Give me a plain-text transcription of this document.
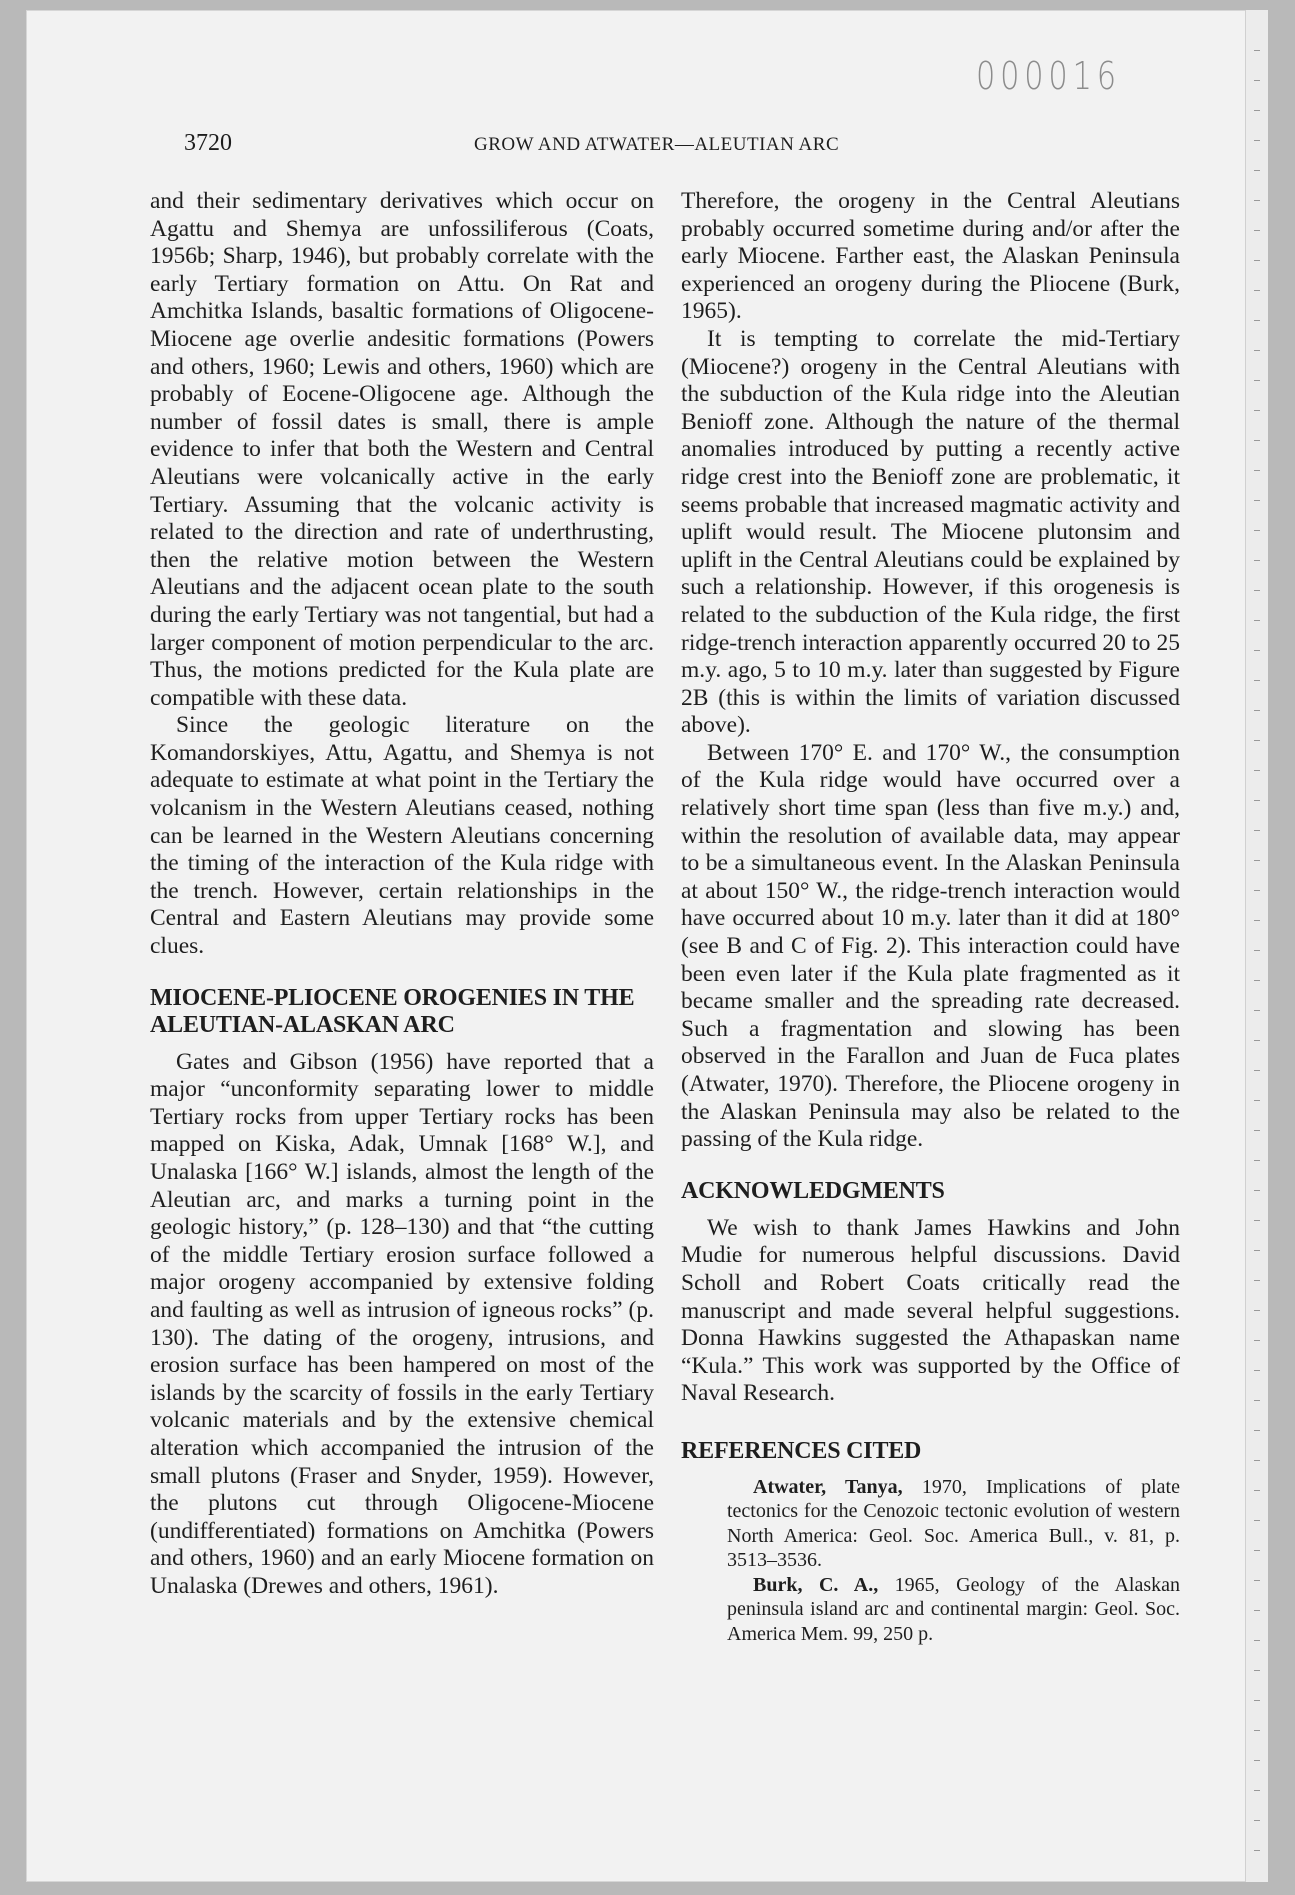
000016
3720	GROW AND ATWATER—ALEUTIAN ARC

and their sedimentary derivatives which occur on Agattu and Shemya are unfossiliferous (Coats, 1956b; Sharp, 1946), but probably correlate with the early Tertiary formation on Attu. On Rat and Amchitka Islands, basaltic formations of Oligocene-Miocene age overlie andesitic formations (Powers and others, 1960; Lewis and others, 1960) which are probably of Eocene-Oligocene age. Although the number of fossil dates is small, there is ample evidence to infer that both the Western and Central Aleutians were volcanically active in the early Tertiary. Assuming that the volcanic activity is related to the direction and rate of underthrusting, then the relative motion between the Western Aleutians and the adjacent ocean plate to the south during the early Tertiary was not tangential, but had a larger component of motion perpendicular to the arc. Thus, the motions predicted for the Kula plate are compatible with these data.

Since the geologic literature on the Komandorskiyes, Attu, Agattu, and Shemya is not adequate to estimate at what point in the Tertiary the volcanism in the Western Aleutians ceased, nothing can be learned in the Western Aleutians concerning the timing of the interaction of the Kula ridge with the trench. However, certain relationships in the Central and Eastern Aleutians may provide some clues.

MIOCENE-PLIOCENE OROGENIES IN THE ALEUTIAN-ALASKAN ARC

Gates and Gibson (1956) have reported that a major “unconformity separating lower to middle Tertiary rocks from upper Tertiary rocks has been mapped on Kiska, Adak, Umnak [168° W.], and Unalaska [166° W.] islands, almost the length of the Aleutian arc, and marks a turning point in the geologic history,” (p. 128–130) and that “the cutting of the middle Tertiary erosion surface followed a major orogeny accompanied by extensive folding and faulting as well as intrusion of igneous rocks” (p. 130). The dating of the orogeny, intrusions, and erosion surface has been hampered on most of the islands by the scarcity of fossils in the early Tertiary volcanic materials and by the extensive chemical alteration which accompanied the intrusion of the small plutons (Fraser and Snyder, 1959). However, the plutons cut through Oligocene-Miocene (undifferentiated) formations on Amchitka (Powers and others, 1960) and an early Miocene formation on Unalaska (Drewes and others, 1961).

Therefore, the orogeny in the Central Aleutians probably occurred sometime during and/or after the early Miocene. Farther east, the Alaskan Peninsula experienced an orogeny during the Pliocene (Burk, 1965).

It is tempting to correlate the mid-Tertiary (Miocene?) orogeny in the Central Aleutians with the subduction of the Kula ridge into the Aleutian Benioff zone. Although the nature of the thermal anomalies introduced by putting a recently active ridge crest into the Benioff zone are problematic, it seems probable that increased magmatic activity and uplift would result. The Miocene plutonsim and uplift in the Central Aleutians could be explained by such a relationship. However, if this orogenesis is related to the subduction of the Kula ridge, the first ridge-trench interaction apparently occurred 20 to 25 m.y. ago, 5 to 10 m.y. later than suggested by Figure 2B (this is within the limits of variation discussed above).

Between 170° E. and 170° W., the consumption of the Kula ridge would have occurred over a relatively short time span (less than five m.y.) and, within the resolution of available data, may appear to be a simultaneous event. In the Alaskan Peninsula at about 150° W., the ridge-trench interaction would have occurred about 10 m.y. later than it did at 180° (see B and C of Fig. 2). This interaction could have been even later if the Kula plate fragmented as it became smaller and the spreading rate decreased. Such a fragmentation and slowing has been observed in the Farallon and Juan de Fuca plates (Atwater, 1970). Therefore, the Pliocene orogeny in the Alaskan Peninsula may also be related to the passing of the Kula ridge.

ACKNOWLEDGMENTS

We wish to thank James Hawkins and John Mudie for numerous helpful discussions. David Scholl and Robert Coats critically read the manuscript and made several helpful suggestions. Donna Hawkins suggested the Athapaskan name “Kula.” This work was supported by the Office of Naval Research.

REFERENCES CITED

Atwater, Tanya, 1970, Implications of plate tectonics for the Cenozoic tectonic evolution of western North America: Geol. Soc. America Bull., v. 81, p. 3513–3536.

Burk, C. A., 1965, Geology of the Alaskan peninsula island arc and continental margin: Geol. Soc. America Mem. 99, 250 p.
